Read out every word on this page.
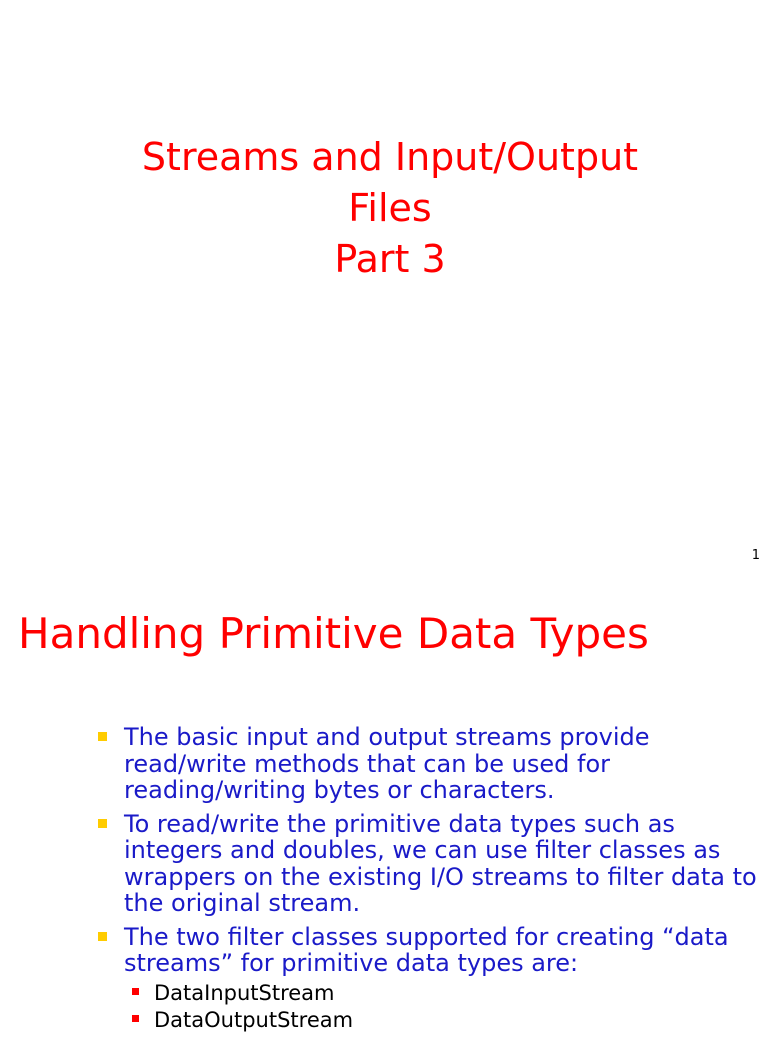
Streams and Input/Output
Files
Part 3
1
Handling Primitive Data Types
The basic input and output streams provide read/write methods that can be used for reading/writing bytes or characters.
To read/write the primitive data types such as integers and doubles, we can use filter classes as wrappers on the existing I/O streams to filter data to the original stream.
The two filter classes supported for creating “data streams” for primitive data types are:
DataInputStream
DataOutputStream
